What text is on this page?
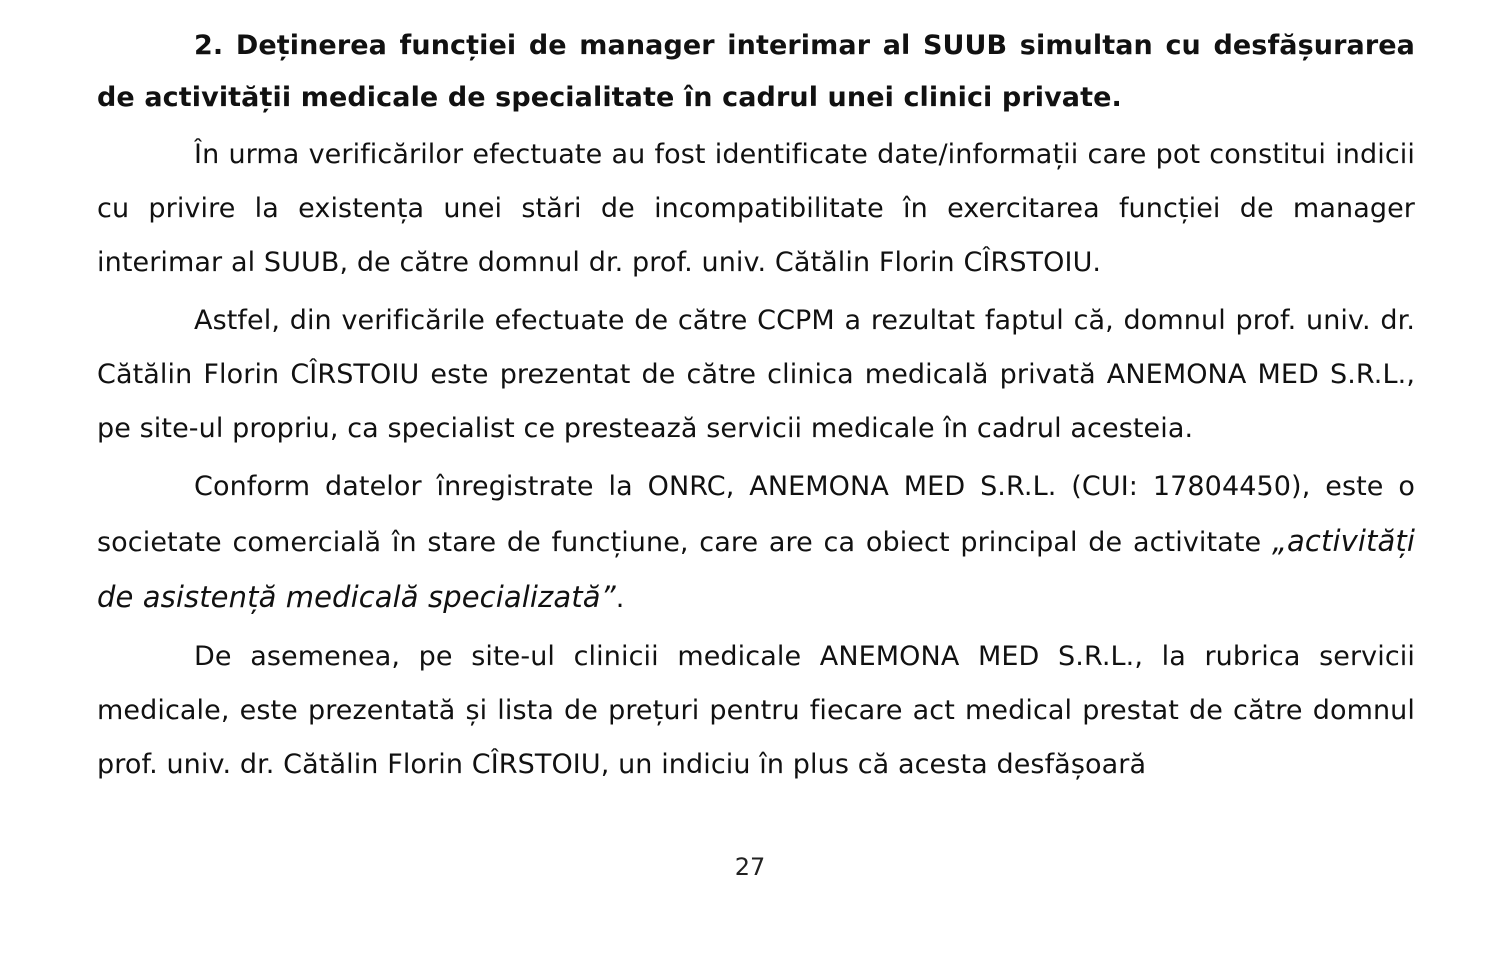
2. Deținerea funcției de manager interimar al SUUB simultan cu desfășurarea de activității medicale de specialitate în cadrul unei clinici private.

În urma verificărilor efectuate au fost identificate date/informații care pot constitui indicii cu privire la existența unei stări de incompatibilitate în exercitarea funcției de manager interimar al SUUB, de către domnul dr. prof. univ. Cătălin Florin CÎRSTOIU.

Astfel, din verificările efectuate de către CCPM a rezultat faptul că, domnul prof. univ. dr. Cătălin Florin CÎRSTOIU este prezentat de către clinica medicală privată ANEMONA MED S.R.L., pe site-ul propriu, ca specialist ce prestează servicii medicale în cadrul acesteia.

Conform datelor înregistrate la ONRC, ANEMONA MED S.R.L. (CUI: 17804450), este o societate comercială în stare de funcțiune, care are ca obiect principal de activitate „activități de asistență medicală specializată”.

De asemenea, pe site-ul clinicii medicale ANEMONA MED S.R.L., la rubrica servicii medicale, este prezentată și lista de prețuri pentru fiecare act medical prestat de către domnul prof. univ. dr. Cătălin Florin CÎRSTOIU, un indiciu în plus că acesta desfășoară

27
